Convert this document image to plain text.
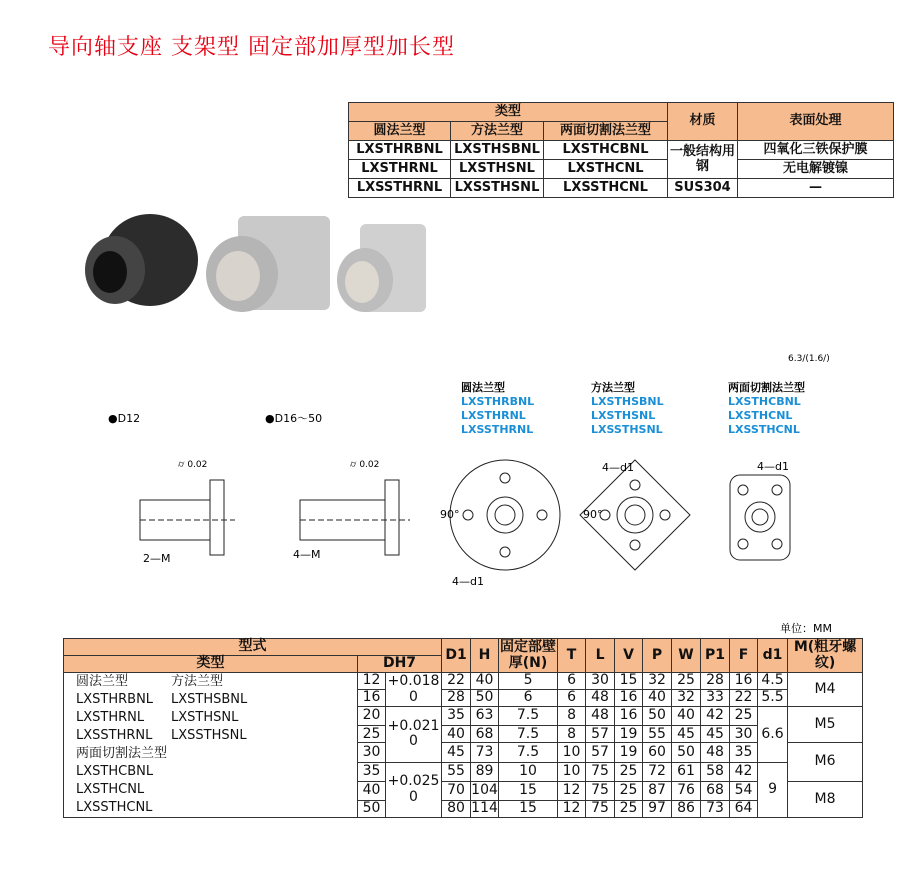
导向轴支座 支架型 固定部加厚型加长型
类型	材质	表面处理
圆法兰型	方法兰型	两面切割法兰型
LXSTHRBNL	LXSTHSBNL	LXSTHCBNL	一般结构用钢	四氧化三铁保护膜
LXSTHRNL	LXSTHSNL	LXSTHCNL	无电解镀镍
LXSSTHRNL	LXSSTHSNL	LXSSTHCNL	SUS304	—
6.3/(1.6/)
●D12	●D16～50
圆法兰型
LXSTHRBNL
LXSTHRNL
LXSSTHRNL
方法兰型
LXSTHSBNL
LXSTHSNL
LXSSTHSNL
两面切割法兰型
LXSTHCBNL
LXSTHCNL
LXSSTHCNL
⌭ 0.02	⌭ 0.02
2—M	4—M
4—d1
4—d1	4—d1
90°	90°
单位：MM
型式	D1	H	固定部壁厚(N)	T	L	V	P	W	P1	F	d1	M(粗牙螺纹)
类型	DH7

圆法兰型
LXSTHRBNL
LXSTHRNL
LXSSTHRNL
方法兰型
LXSTHSBNL
LXSTHSNL
LXSSTHSNL
两面切割法兰型
LXSTHCBNL
LXSTHCNL
LXSSTHCNL
	12	+0.018
0	22	40	5	6	30	15	32	25	28	16	4.5	M4
16	28	50	6	6	48	16	40	32	33	22	5.5
20	+0.021
0	35	63	7.5	8	48	16	50	40	42	25	6.6	M5
25	40	68	7.5	8	57	19	55	45	45	30
30	45	73	7.5	10	57	19	60	50	48	35	M6
35	+0.025
0	55	89	10	10	75	25	72	61	58	42	9
40	70	104	15	12	75	25	87	76	68	54	M8
50	80	114	15	12	75	25	97	86	73	64
